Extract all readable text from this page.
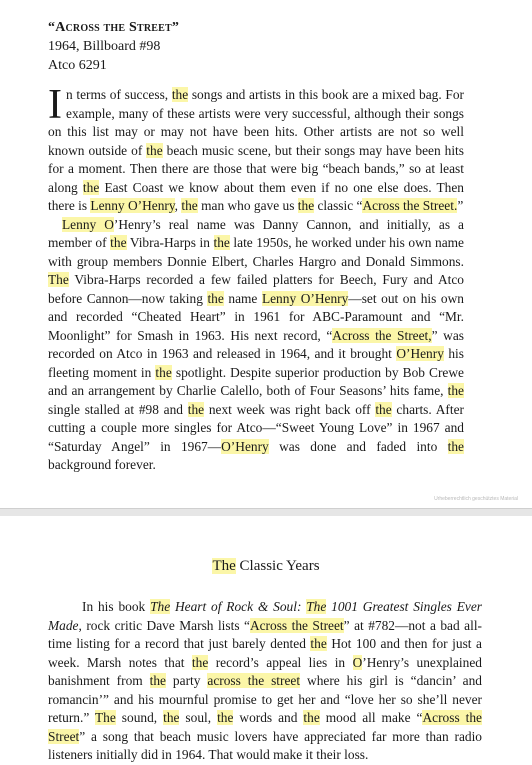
“Across the Street”
1964, Billboard #98
Atco 6291

In terms of success, the songs and artists in this book are a mixed bag. For example, many of these artists were very successful, although their songs on this list may or may not have been hits. Other artists are not so well known outside of the beach music scene, but their songs may have been hits for a moment. Then there are those that were big “beach bands,” so at least along the East Coast we know about them even if no one else does. Then there is Lenny O’Henry, the man who gave us the classic “Across the Street.”

Lenny O’Henry’s real name was Danny Cannon, and initially, as a member of the Vibra-Harps in the late 1950s, he worked under his own name with group members Donnie Elbert, Charles Hargro and Donald Simmons. The Vibra-Harps recorded a few failed platters for Beech, Fury and Atco before Cannon—now taking the name Lenny O’Henry—set out on his own and recorded “Cheated Heart” in 1961 for ABC-Paramount and “Mr. Moonlight” for Smash in 1963. His next record, “Across the Street,” was recorded on Atco in 1963 and released in 1964, and it brought O’Henry his fleeting moment in the spotlight. Despite superior production by Bob Crewe and an arrangement by Charlie Calello, both of Four Seasons’ hits fame, the single stalled at #98 and the next week was right back off the charts. After cutting a couple more singles for Atco—“Sweet Young Love” in 1967 and “Saturday Angel” in 1967—O’Henry was done and faded into the background forever.

Urheberrechtlich geschütztes Material
The Classic Years

In his book The Heart of Rock & Soul: The 1001 Greatest Singles Ever Made, rock critic Dave Marsh lists “Across the Street” at #782—not a bad all-time listing for a record that just barely dented the Hot 100 and then for just a week. Marsh notes that the record’s appeal lies in O’Henry’s unexplained banishment from the party across the street where his girl is “dancin’ and romancin’” and his mournful promise to get her and “love her so she’ll never return.” The sound, the soul, the words and the mood all make “Across the Street” a song that beach music lovers have appreciated far more than radio listeners initially did in 1964. That would make it their loss.
